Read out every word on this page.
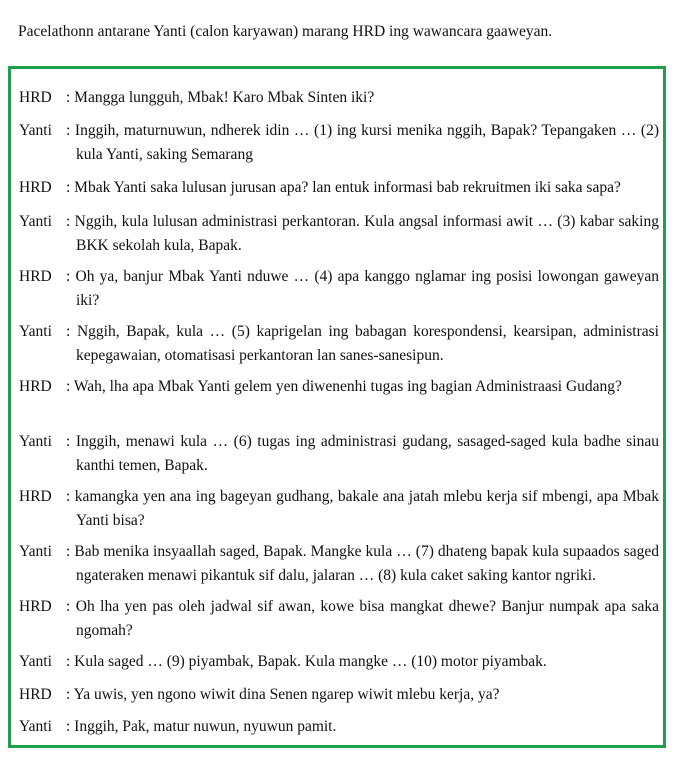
Pacelathonn antarane Yanti (calon karyawan) marang HRD ing wawancara gaaweyan.
HRD : Mangga lungguh, Mbak! Karo Mbak Sinten iki?
Yanti : Inggih, maturnuwun, ndherek idin … (1) ing kursi menika nggih, Bapak? Tepangaken … (2) kula Yanti, saking Semarang
HRD : Mbak Yanti saka lulusan jurusan apa? lan entuk informasi bab rekruitmen iki saka sapa?
Yanti : Nggih, kula lulusan administrasi perkantoran. Kula angsal informasi awit … (3) kabar saking BKK sekolah kula, Bapak.
HRD : Oh ya, banjur Mbak Yanti nduwe … (4) apa kanggo nglamar ing posisi lowongan gaweyan iki?
Yanti : Nggih, Bapak, kula … (5) kaprigelan ing babagan korespondensi, kearsipan, administrasi kepegawaian, otomatisasi perkantoran lan sanes-sanesipun.
HRD : Wah, lha apa Mbak Yanti gelem yen diwenenhi tugas ing bagian Administraasi Gudang?
Yanti : Inggih, menawi kula … (6) tugas ing administrasi gudang, sasaged-saged kula badhe sinau kanthi temen, Bapak.
HRD : kamangka yen ana ing bageyan gudhang, bakale ana jatah mlebu kerja sif mbengi, apa Mbak Yanti bisa?
Yanti : Bab menika insyaallah saged, Bapak. Mangke kula … (7) dhateng bapak kula supaados saged ngateraken menawi pikantuk sif dalu, jalaran … (8) kula caket saking kantor ngriki.
HRD : Oh lha yen pas oleh jadwal sif awan, kowe bisa mangkat dhewe? Banjur numpak apa saka ngomah?
Yanti : Kula saged … (9) piyambak, Bapak. Kula mangke … (10) motor piyambak.
HRD : Ya uwis, yen ngono wiwit dina Senen ngarep wiwit mlebu kerja, ya?
Yanti : Inggih, Pak, matur nuwun, nyuwun pamit.
